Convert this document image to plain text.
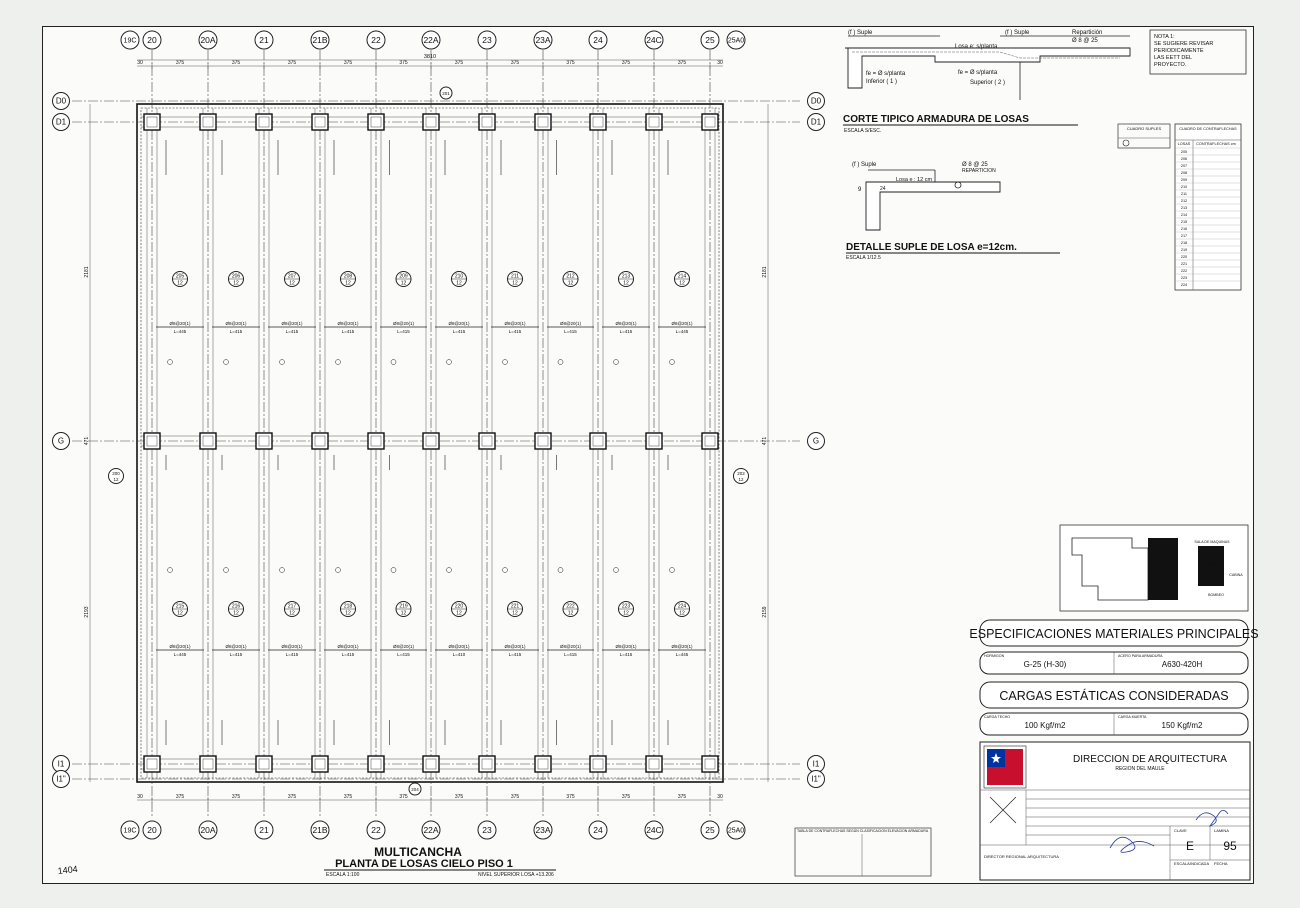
20
20
20A
20A
21
21
21B
21B
22
22
22A
22A
23
23
23A
23A
24
24
24C
24C
25
25
19C
19C
25A0
25A0
D0	D0
D1	D1
G	G
I1	I1
I1"	I1"
375	375	375	375	375	375	375	375	375	375
30	30
375	375	375	375	375	375	375	375	375	375
30	30
3810
2181
471
2193
2181
471
2159
205
12
Ø8@20(1)
L=445
206
12
Ø8@20(1)
L=415
207
12
Ø8@20(1)
L=415
208
12
Ø8@20(1)
L=415
209
12
Ø8@20(1)
L=415
210
12
Ø8@20(1)
L=415
211
12
Ø8@20(1)
L=415
212
12
Ø8@20(1)
L=415
213
12
Ø8@20(1)
L=415
214
12
Ø8@20(1)
L=445
215
12
Ø8@20(1)
L=445
216
12
Ø8@20(1)
L=415
217
12
Ø8@20(1)
L=415
218
12
Ø8@20(1)
L=415
219
12
Ø8@20(1)
L=415
220
12
Ø8@20(1)
L=410
221
12
Ø8@20(1)
L=415
222
12
Ø8@20(1)
L=415
223
12
Ø8@20(1)
L=415
224
12
Ø8@20(1)
L=445
200
12
202
12
201
204
MULTICANCHA
PLANTA DE LOSAS CIELO PISO 1
ESCALA 1:100	NIVEL SUPERIOR LOSA +13.206
1404
TABLA DE CONTRAFLECHAS SEGÚN CLASIFICACION ELEVACION ARMADURA
(f ) Suple	(f ) Suple	Repartición
Ø 8 @ 25
Losa e: s/planta
fe = Ø s/planta
Inferior ( 1 )
fe = Ø s/planta
Superior ( 2 )
CORTE TIPICO ARMADURA DE LOSAS
ESCALA S/ESC.
(f ) Suple	Ø 8 @ 25
REPARTICION
Losa e : 12 cm
9	24
DETALLE SUPLE DE LOSA e=12cm.
ESCALA 1/12.5
NOTA 1:
SE SUGIERE REVISAR
PERIODICAMENTE
LAS EETT DEL
PROYECTO.
CUADRO SUPLES	CUADRO DE CONTRAFLECHAS
LOSAS CONTRAFLECHAS cm
205
206
207
208
209
210
211
212
213
214
215
216
217
218
219
220
221
222
223
224
SALA DE MAQUINAS
ESTADO
BOMBEO
CABINA
ESPECIFICACIONES MATERIALES PRINCIPALES
HORMIGON
G-25 (H-30)
ACERO PARA ARMADURA
A630-420H
CARGAS ESTÁTICAS CONSIDERADAS
CARGA TECHO
100 Kgf/m2
CARGA MUERTA
150 Kgf/m2
DIRECCION DE ARQUITECTURA
REGION DEL MAULE
CLAVE
E
LAMINA
95
ESCALA INDICADA FECHA
DIRECTOR REGIONAL ARQUITECTURA
